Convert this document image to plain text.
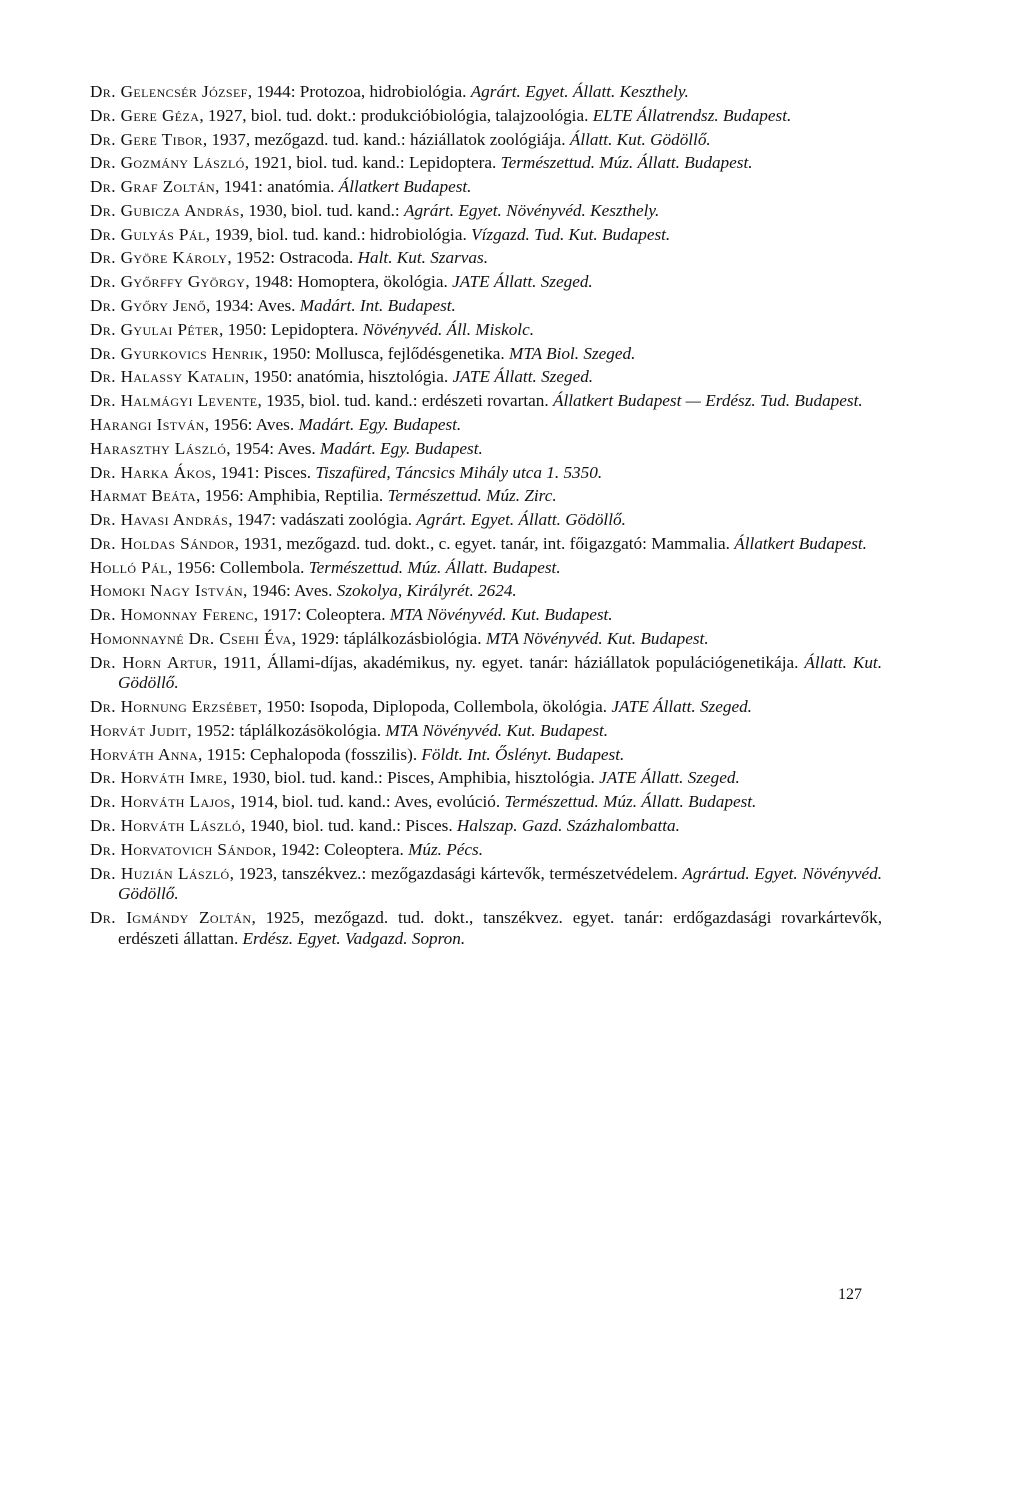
Dr. Gelencsér József, 1944: Protozoa, hidrobiológia. Agrárt. Egyet. Állatt. Keszthely.

Dr. Gere Géza, 1927, biol. tud. dokt.: produkcióbiológia, talajzoológia. ELTE Állatrendsz. Budapest.

Dr. Gere Tibor, 1937, mezőgazd. tud. kand.: háziállatok zoológiája. Állatt. Kut. Gödöllő.

Dr. Gozmány László, 1921, biol. tud. kand.: Lepidoptera. Természettud. Múz. Állatt. Budapest.

Dr. Graf Zoltán, 1941: anatómia. Állatkert Budapest.

Dr. Gubicza András, 1930, biol. tud. kand.: Agrárt. Egyet. Növényvéd. Keszthely.

Dr. Gulyás Pál, 1939, biol. tud. kand.: hidrobiológia. Vízgazd. Tud. Kut. Budapest.

Dr. Györe Károly, 1952: Ostracoda. Halt. Kut. Szarvas.

Dr. Győrffy György, 1948: Homoptera, ökológia. JATE Állatt. Szeged.

Dr. Győry Jenő, 1934: Aves. Madárt. Int. Budapest.

Dr. Gyulai Péter, 1950: Lepidoptera. Növényvéd. Áll. Miskolc.

Dr. Gyurkovics Henrik, 1950: Mollusca, fejlődésgenetika. MTA Biol. Szeged.

Dr. Halassy Katalin, 1950: anatómia, hisztológia. JATE Állatt. Szeged.

Dr. Halmágyi Levente, 1935, biol. tud. kand.: erdészeti rovartan. Állatkert Budapest — Erdész. Tud. Budapest.

Harangi István, 1956: Aves. Madárt. Egy. Budapest.

Haraszthy László, 1954: Aves. Madárt. Egy. Budapest.

Dr. Harka Ákos, 1941: Pisces. Tiszafüred, Táncsics Mihály utca 1. 5350.

Harmat Beáta, 1956: Amphibia, Reptilia. Természettud. Múz. Zirc.

Dr. Havasi András, 1947: vadászati zoológia. Agrárt. Egyet. Állatt. Gödöllő.

Dr. Holdas Sándor, 1931, mezőgazd. tud. dokt., c. egyet. tanár, int. főigazgató: Mammalia. Állatkert Budapest.

Holló Pál, 1956: Collembola. Természettud. Múz. Állatt. Budapest.

Homoki Nagy István, 1946: Aves. Szokolya, Királyrét. 2624.

Dr. Homonnay Ferenc, 1917: Coleoptera. MTA Növényvéd. Kut. Budapest.

Homonnayné Dr. Csehi Éva, 1929: táplálkozásbiológia. MTA Növényvéd. Kut. Budapest.

Dr. Horn Artur, 1911, Állami-díjas, akadémikus, ny. egyet. tanár: háziállatok populációgenetikája. Állatt. Kut. Gödöllő.

Dr. Hornung Erzsébet, 1950: Isopoda, Diplopoda, Collembola, ökológia. JATE Állatt. Szeged.

Horvát Judit, 1952: táplálkozásökológia. MTA Növényvéd. Kut. Budapest.

Horváth Anna, 1915: Cephalopoda (fosszilis). Földt. Int. Őslényt. Budapest.

Dr. Horváth Imre, 1930, biol. tud. kand.: Pisces, Amphibia, hisztológia. JATE Állatt. Szeged.

Dr. Horváth Lajos, 1914, biol. tud. kand.: Aves, evolúció. Természettud. Múz. Állatt. Budapest.

Dr. Horváth László, 1940, biol. tud. kand.: Pisces. Halszap. Gazd. Százhalombatta.

Dr. Horvatovich Sándor, 1942: Coleoptera. Múz. Pécs.

Dr. Huzián László, 1923, tanszékvez.: mezőgazdasági kártevők, természetvédelem. Agrártud. Egyet. Növényvéd. Gödöllő.

Dr. Igmándy Zoltán, 1925, mezőgazd. tud. dokt., tanszékvez. egyet. tanár: erdőgazdasági rovarkártevők, erdészeti állattan. Erdész. Egyet. Vadgazd. Sopron.

127
